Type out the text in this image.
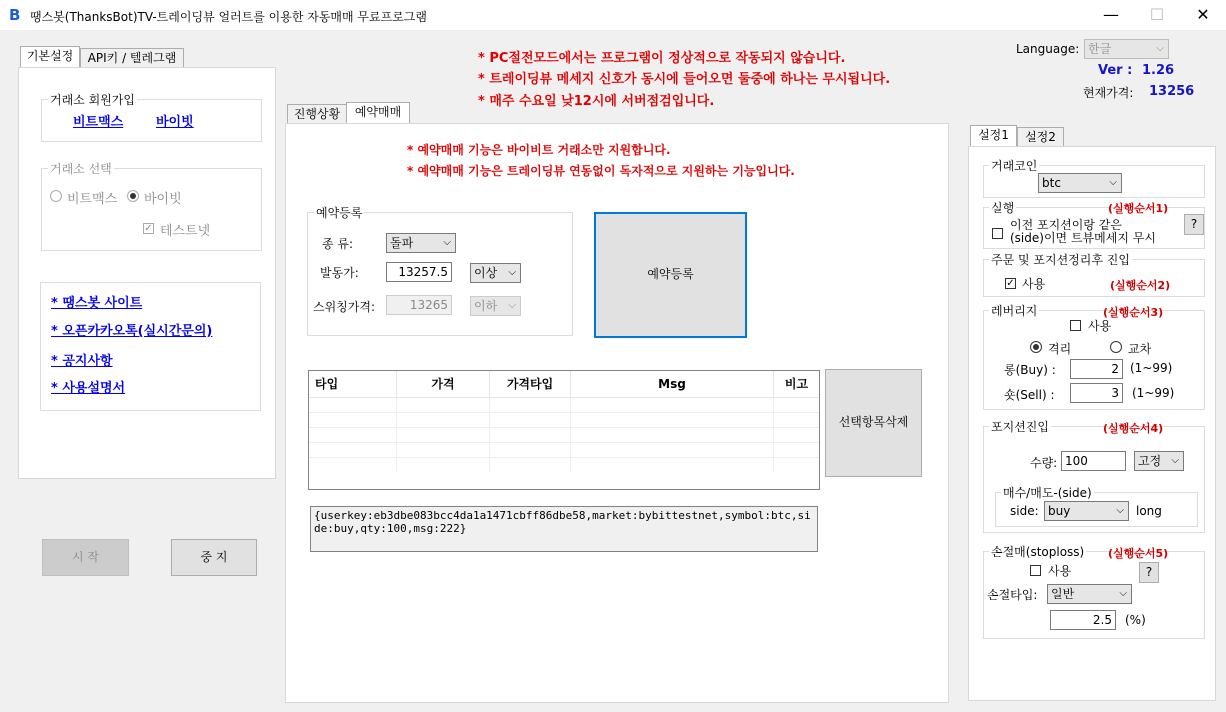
B 땡스봇(ThanksBot)TV-트레이딩뷰 얼러트를 이용한 자동매매 무료프로그램	—	☐	✕
* PC절전모드에서는 프로그램이 정상적으로 작동되지 않습니다.
* 트레이딩뷰 메세지 신호가 동시에 들어오면 둘중에 하나는 무시됩니다.
* 매주 수요일 낮12시에 서버점검입니다.
Language: 한글	⌵
Ver : 1.26
현재가격: 13256
기본설정	API키 / 텔레그램
거래소 회원가입
비트맥스	바이빗
거래소 선택
비트맥스 바이빗
✓ 테스트넷
* 땡스봇 사이트
* 오픈카카오톡(실시간문의)
* 공지사항
* 사용설명서
시 작	중 지
진행상황	예약매매
* 예약매매 기능은 바이비트 거래소만 지원합니다.
* 예약매매 기능은 트레이딩뷰 연동없이 독자적으로 지원하는 기능입니다.
예약등록
종 류:	돌파	⌵
발동가:	13257.5	이상 ⌵
스위칭가격:	13265	이하 ⌵
예약등록
타입	가격	가격타입	Msg	비고

선택항목삭제
{userkey:eb3dbe083bcc4da1a1471cbff86dbe58,market:bybittestnet,symbol:btc,side:buy,qty:100,msg:222}
설정1	설정2
거래코인
btc	⌵
실행	(실행순서1)
이전 포지션이랑 같은
(side)이면 트뷰메세지 무시
?
주문 및 포지션정리후 진입
✓ 사용	(실행순서2)
레버리지	(실행순서3)
사용
격리	교차
롱(Buy) :	2 (1~99)
숏(Sell) :	3	(1~99)
포지션진입	(실행순서4)
수량: 100	고정 ⌵
매수/매도-(side)
side: buy	⌵ long
손절매(stoploss) (실행순서5)
사용	?
손절타입:	일반	⌵
2.5	(%)
